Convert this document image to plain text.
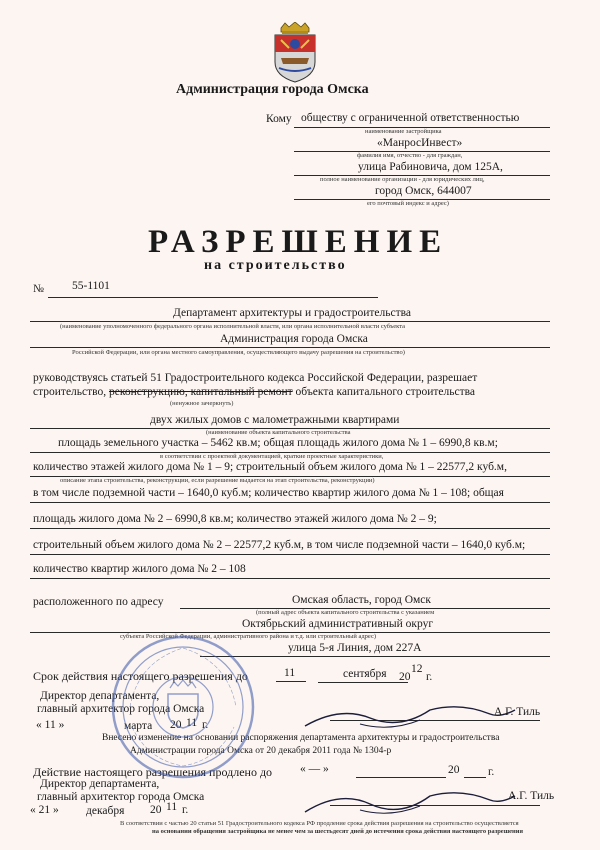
Администрация города Омска
Кому обществу с ограниченной ответственностью
наименование застройщика
«МанросИнвест»
фамилия имя, отчество - для граждан,
улица Рабиновича, дом 125А,
полное наименование организации - для юридических лиц,
город Омск, 644007
его почтовый индекс и адрес)
РАЗРЕШЕНИЕ
на строительство
№ 55-1101
Департамент архитектуры и градостроительства
(наименование уполномоченного федерального органа исполнительной власти, или органа исполнительной власти субъекта
Администрация города Омска
Российской Федерации, или органа местного самоуправления, осуществляющего выдачу разрешения на строительство)
руководствуясь статьей 51 Градостроительного кодекса Российской Федерации, разрешает
строительство, реконструкцию, капитальный ремонт объекта капитального строительства
(ненужное зачеркнуть)
двух жилых домов с малометражными квартирами
(наименование объекта капитального строительства
площадь земельного участка – 5462 кв.м; общая площадь жилого дома № 1 – 6990,8 кв.м;
в соответствии с проектной документацией, краткие проектные характеристики,
количество этажей жилого дома № 1 – 9; строительный объем жилого дома № 1 – 22577,2 куб.м,
описание этапа строительства, реконструкции, если разрешение выдается на этап строительства, реконструкции)
в том числе подземной части – 1640,0 куб.м; количество квартир жилого дома № 1 – 108; общая
площадь жилого дома № 2 – 6990,8 кв.м; количество этажей жилого дома № 2 – 9;
строительный объем жилого дома № 2 – 22577,2 куб.м, в том числе подземной части – 1640,0 куб.м;
количество квартир жилого дома № 2 – 108
расположенного по адресу	Омская область, город Омск
(полный адрес объекта капитального строительства с указанием
Октябрьский административный округ
субъекта Российской Федерации, административного района и т.д. или строительный адрес)
улица 5-я Линия, дом 227А
Срок действия настоящего разрешения до	11	сентября 20
12
г.
Директор департамента,
главный архитектор города Омска
« 11 »	марта 20 11 г.
А.Г. Тиль
Внесено изменение на основании распоряжения департамента архитектуры и градостроительства
Администрации города Омска от 20 декабря 2011 года № 1304-р
Действие настоящего разрешения продлено до « — »	20 г.
Директор департамента,
главный архитектор города Омска
« 21 » декабря 20 11 г.
А.Г. Тиль
В соответствии с частью 20 статьи 51 Градостроительного кодекса РФ продление срока действия разрешения на строительство осуществляется
на основании обращения застройщика не менее чем за шестьдесят дней до истечения срока действия настоящего разрешения
